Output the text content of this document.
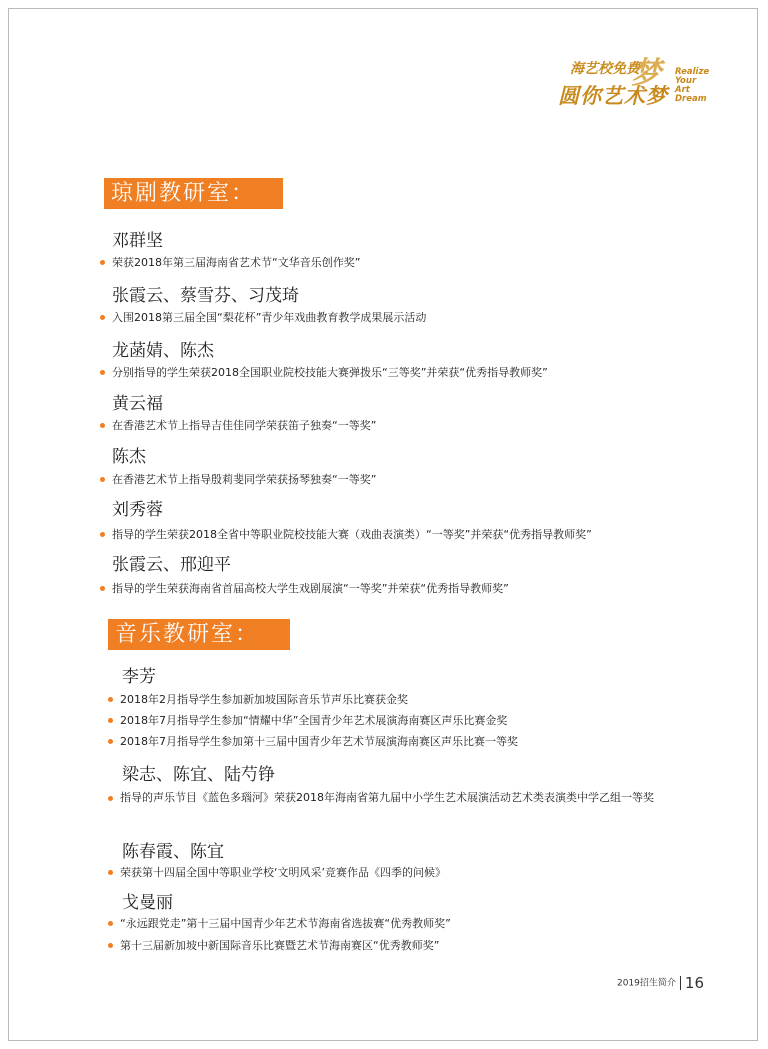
海艺校免费
梦
圆你艺术梦
Realize
Your
Art Dream
琼剧教研室：
邓群坚
荣获2018年第三届海南省艺术节“文华音乐创作奖”
张霞云、蔡雪芬、习茂琦
入围2018第三届全国“梨花杯”青少年戏曲教育教学成果展示活动
龙菡婧、陈杰
分别指导的学生荣获2018全国职业院校技能大赛弹拨乐“三等奖”并荣获“优秀指导教师奖”
黄云福
在香港艺术节上指导吉佳佳同学荣获笛子独奏“一等奖”
陈杰
在香港艺术节上指导殷莉斐同学荣获扬琴独奏“一等奖”
刘秀蓉
指导的学生荣获2018全省中等职业院校技能大赛（戏曲表演类）“一等奖”并荣获“优秀指导教师奖”
张霞云、邢迎平
指导的学生荣获海南省首届高校大学生戏剧展演“一等奖”并荣获“优秀指导教师奖”
音乐教研室：
李芳
2018年2月指导学生参加新加坡国际音乐节声乐比赛获金奖
2018年7月指导学生参加“情耀中华”全国青少年艺术展演海南赛区声乐比赛金奖
2018年7月指导学生参加第十三届中国青少年艺术节展演海南赛区声乐比赛一等奖
梁志、陈宜、陆芍铮
指导的声乐节目《蓝色多瑙河》荣获2018年海南省第九届中小学生艺术展演活动艺术类表演类中学乙组一等奖
陈春霞、陈宜
荣获第十四届全国中等职业学校‘文明风采’竞赛作品《四季的问候》
戈曼丽
“永远跟党走”第十三届中国青少年艺术节海南省选拔赛“优秀教师奖”
第十三届新加坡中新国际音乐比赛暨艺术节海南赛区“优秀教师奖”
2019招生简介 16
